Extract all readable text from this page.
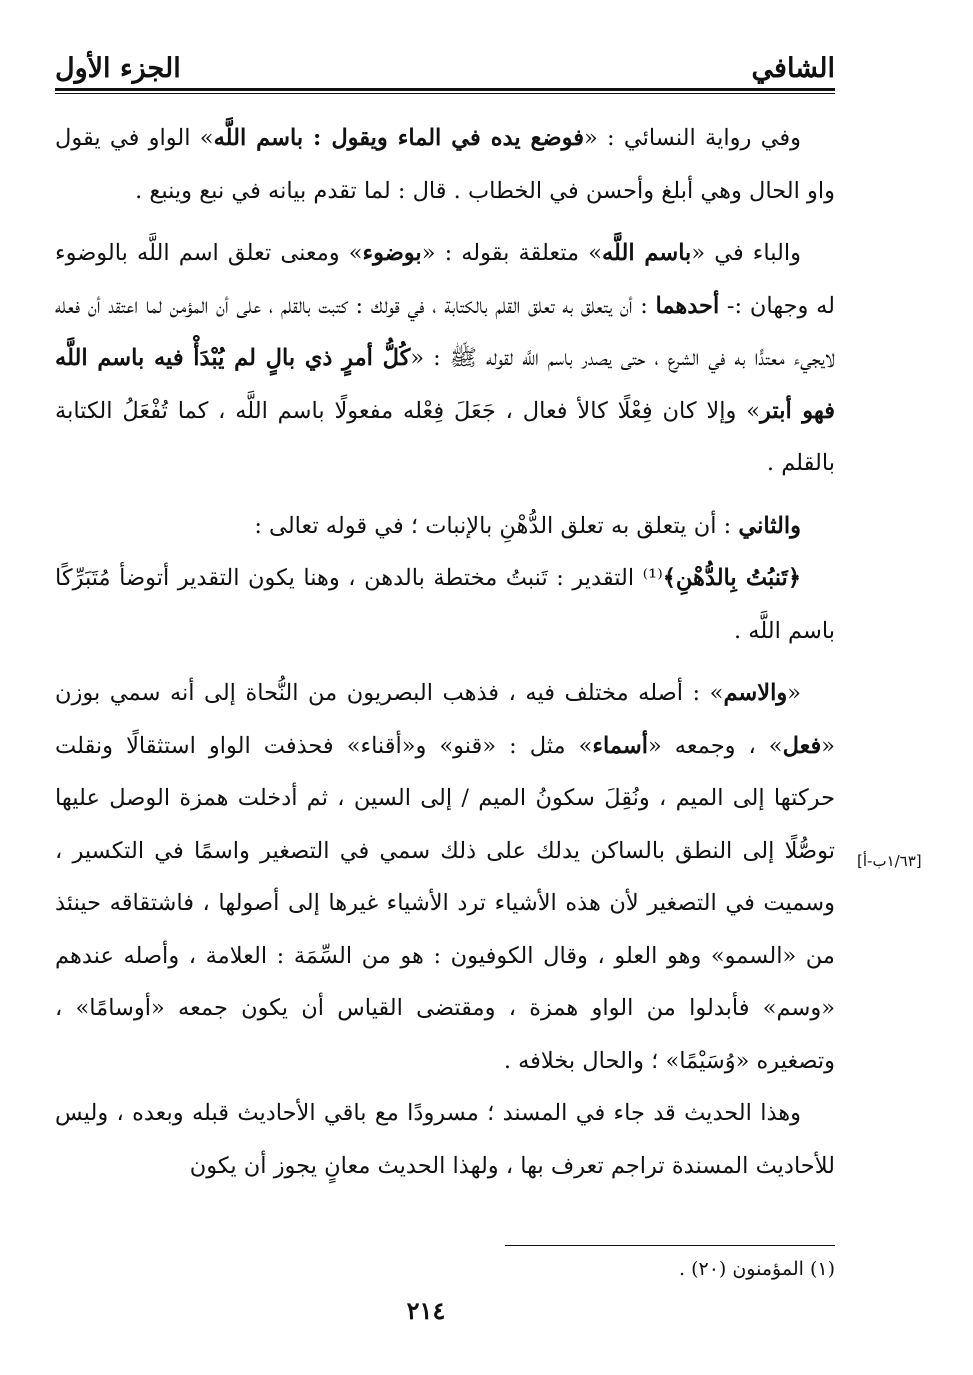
الشافي
الجزء الأول

وفي رواية النسائي : «فوضع يده في الماء ويقول : باسم اللَّه» الواو في يقول واو الحال وهي أبلغ وأحسن في الخطاب . قال : لما تقدم بيانه في نبع وينبع .

والباء في «باسم اللَّه» متعلقة بقوله : «بوضوء» ومعنى تعلق اسم اللَّه بالوضوء له وجهان :- أحدهما : أن يتعلق به تعلق القلم بالكتابة ، في قولك : كتبت بالقلم ، على أن المؤمن لما اعتقد أن فعله لايجيء معتدًّا به في الشرع ، حتى يصدر باسم اللَّه لقوله ﷺ : «كُلُّ أمرٍ ذي بالٍ لم يُبْدَأْ فيه باسم اللَّه فهو أبتر» وإلا كان فِعْلًا كالأ فعال ، جَعَلَ فِعْله مفعولًا باسم اللَّه ، كما تُفْعَلُ الكتابة بالقلم .

والثاني : أن يتعلق به تعلق الدُّهْنِ بالإنبات ؛ في قوله تعالى :

﴿تَنبُتُ بِالدُّهْنِ﴾⁽¹⁾ التقدير : تَنبتُ مختطة بالدهن ، وهنا يكون التقدير أتوضأ مُتَبَرِّكًا باسم اللَّه .

«والاسم» : أصله مختلف فيه ، فذهب البصريون من النُّحاة إلى أنه سمي بوزن «فعل» ، وجمعه «أسماء» مثل : «قنو» و«أقناء» فحذفت الواو استثقالًا ونقلت حركتها إلى الميم ، ونُقِلَ سكونُ الميم / إلى السين ، ثم أدخلت همزة الوصل عليها توصُّلًا إلى النطق بالساكن يدلك على ذلك سمي في التصغير واسمًا في التكسير ، وسميت في التصغير لأن هذه الأشياء ترد الأشياء غيرها إلى أصولها ، فاشتقاقه حينئذ من «السمو» وهو العلو ، وقال الكوفيون : هو من السِّمَة : العلامة ، وأصله عندهم «وسم» فأبدلوا من الواو همزة ، ومقتضى القياس أن يكون جمعه «أوسامًا» ، وتصغيره «وُسَيْمًا» ؛ والحال بخلافه .

وهذا الحديث قد جاء في المسند ؛ مسرودًا مع باقي الأحاديث قبله وبعده ، وليس للأحاديث المسندة تراجم تعرف بها ، ولهذا الحديث معانٍ يجوز أن يكون

[١/٦٣ب-أ]
(١) المؤمنون (٢٠) .
٢١٤
